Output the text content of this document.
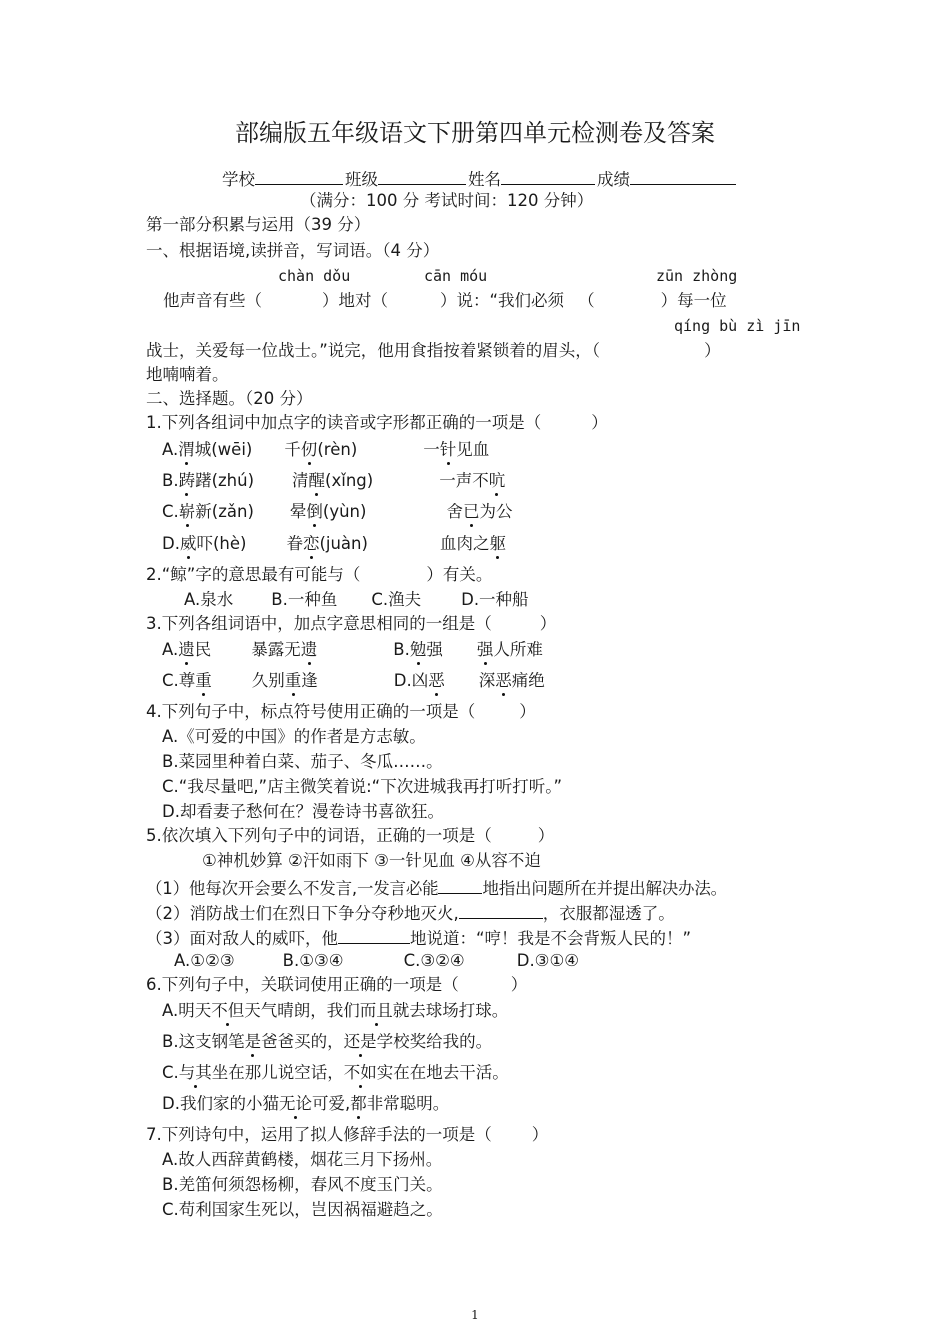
部编版五年级语文下册第四单元检测卷及答案
学校	班级	姓名	成绩
（满分：100 分 考试时间：120 分钟）
第一部分积累与运用（39 分）
一、根据语境,读拼音，写词语。（4 分）
chàn dǒu	cān móu	zūn zhòng
他声音有些（	）地对（	）说：“我们必须 （	）每一位
qíng bù zì jīn
战士，关爱每一位战士。”说完，他用食指按着紧锁着的眉头，（	）
地喃喃着。
二、选择题。（20 分）
1.下列各组词中加点字的读音或字形都正确的一项是（	）
A.渭城(wēi) 千仞(rèn)	一针见血
B.踌躇(zhú) 清醒(xǐng)	一声不吭
C.崭新(zǎn) 晕倒(yùn)	舍已为公
D.威吓(hè) 眷恋(juàn)	血肉之躯
2.“鲸”字的意思最有可能与（	）有关。
A.泉水 B.一种鱼 C.渔夫 D.一种船
3.下列各组词语中，加点字意思相同的一组是（	）
A.遗民 暴露无遗	B.勉强 强人所难
C.尊重 久别重逢	D.凶恶 深恶痛绝
4.下列句子中，标点符号使用正确的一项是（	）
A.《可爱的中国》的作者是方志敏。
B.菜园里种着白菜、茄子、冬瓜……。
C.“我尽量吧,”店主微笑着说:“下次进城我再打听打听。”
D.却看妻子愁何在？漫卷诗书喜欲狂。
5.依次填入下列句子中的词语，正确的一项是（	）
①神机妙算 ②汗如雨下 ③一针见血 ④从容不迫
（1）他每次开会要么不发言,一发言必能	地指出问题所在并提出解决办法。
（2）消防战士们在烈日下争分夺秒地灭火,	，衣服都湿透了。
（3）面对敌人的威吓，他	地说道：“哼！我是不会背叛人民的！”
A.①②③	B.①③④	C.③②④	D.③①④
6.下列句子中，关联词使用正确的一项是（	）
A.明天不但天气晴朗，我们而且就去球场打球。
B.这支钢笔是爸爸买的，还是学校奖给我的。
C.与其坐在那儿说空话，不如实在在地去干活。
D.我们家的小猫无论可爱,都非常聪明。
7.下列诗句中，运用了拟人修辞手法的一项是（ ）
A.故人西辞黄鹤楼，烟花三月下扬州。
B.羌笛何须怨杨柳，春风不度玉门关。
C.苟利国家生死以，岂因祸福避趋之。
1
